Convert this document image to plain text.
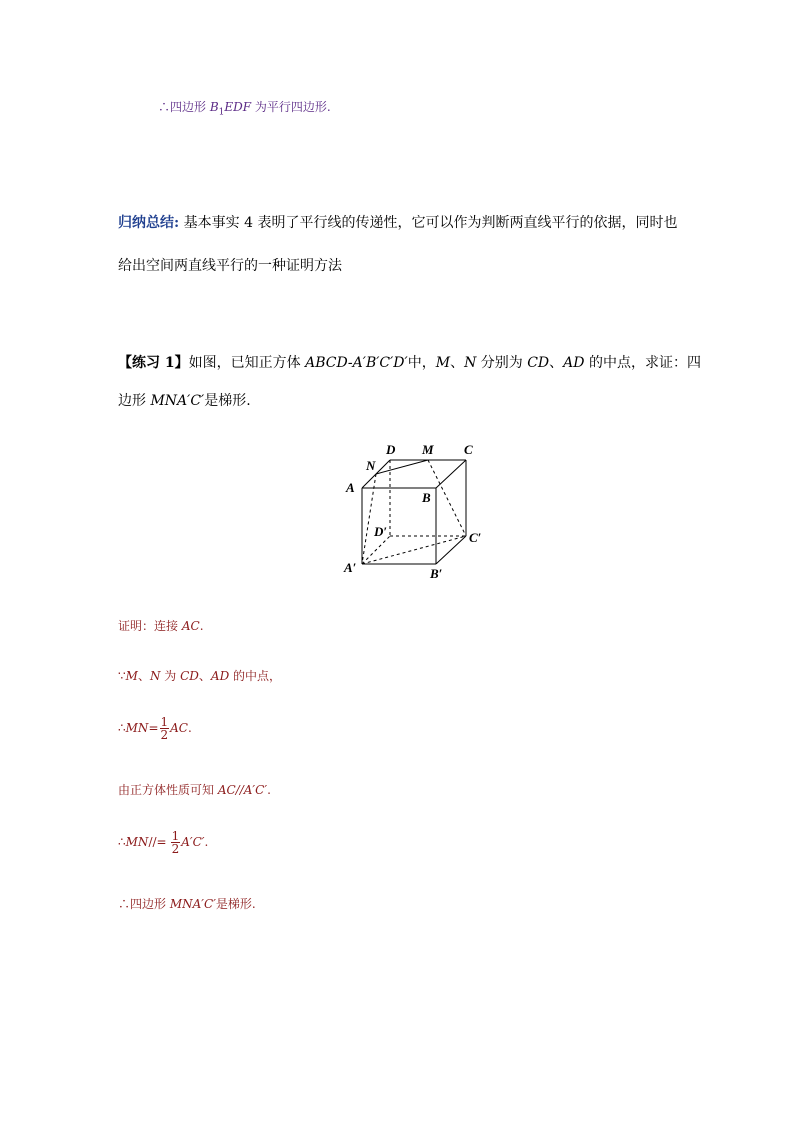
∴四边形 $B_1EDF$ 为平行四边形.
归纳总结: 基本事实 4 表明了平行线的传递性，它可以作为判断两直线平行的依据，同时也
给出空间两直线平行的一种证明方法
【练习 1】如图，已知正方体 ABCD-A′B′C′D′中，M、N 分别为 CD、AD 的中点，求证：四
边形 MNA′C′是梯形.
D M C
N
A
B
D′	C′
A′	B′
证明：连接 AC.
∵M、N 为 CD、AD 的中点，
∴MN= $\frac{1}{2}$ AC.
由正方体性质可知 AC//A′C′.
∴MN//= $\frac{1}{2} A'C'$.
∴四边形 MNA′C′是梯形.
